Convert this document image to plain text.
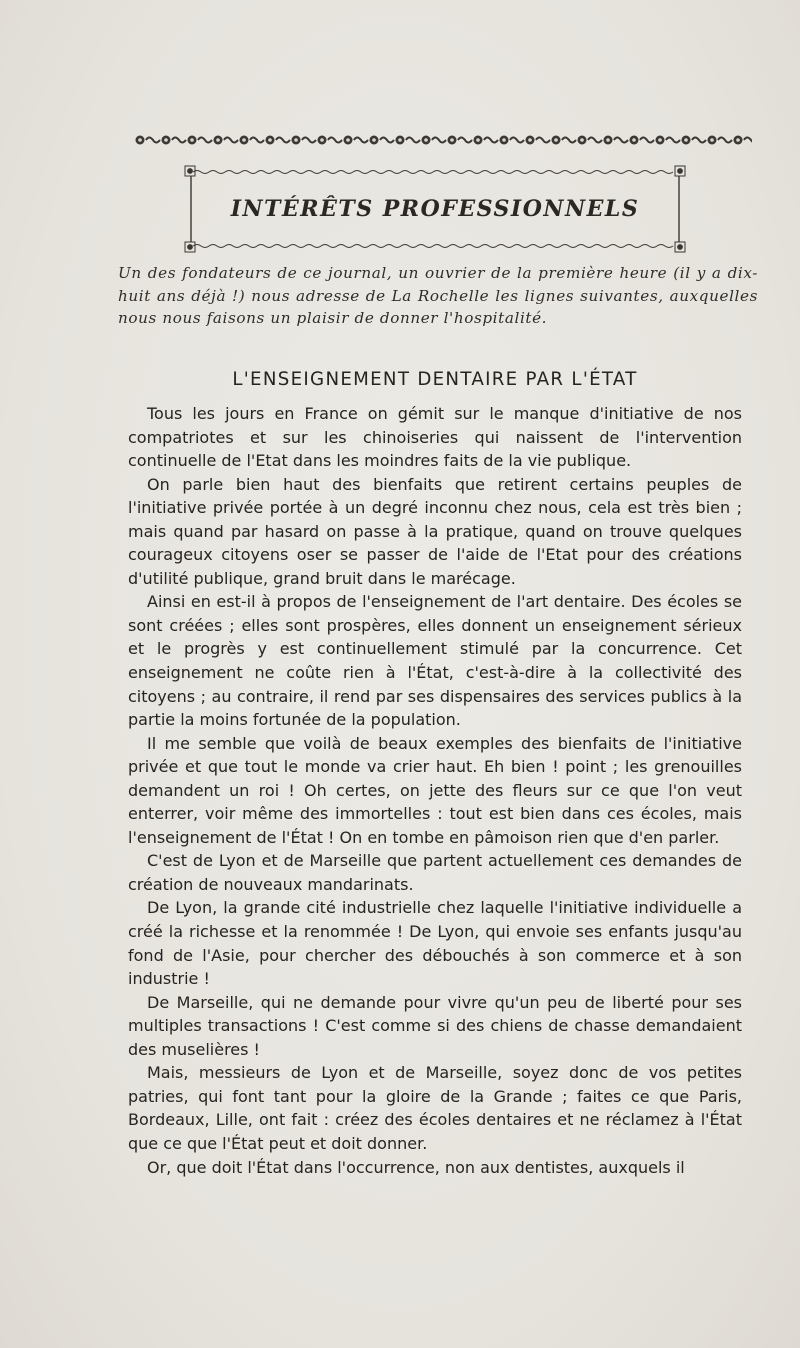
INTÉRÊTS PROFESSIONNELS
Un des fondateurs de ce journal, un ouvrier de la première heure (il y a dix-huit ans déjà !) nous adresse de La Rochelle les lignes suivantes, auxquelles nous nous faisons un plaisir de donner l'hospitalité.
L'ENSEIGNEMENT DENTAIRE PAR L'ÉTAT

Tous les jours en France on gémit sur le manque d'initiative de nos compatriotes et sur les chinoiseries qui naissent de l'intervention continuelle de l'Etat dans les moindres faits de la vie publique.

On parle bien haut des bienfaits que retirent certains peuples de l'initiative privée portée à un degré inconnu chez nous, cela est très bien ; mais quand par hasard on passe à la pratique, quand on trouve quelques courageux citoyens oser se passer de l'aide de l'Etat pour des créations d'utilité publique, grand bruit dans le marécage.

Ainsi en est-il à propos de l'enseignement de l'art dentaire. Des écoles se sont créées ; elles sont prospères, elles donnent un enseignement sérieux et le progrès y est continuellement stimulé par la concurrence. Cet enseignement ne coûte rien à l'État, c'est-à-dire à la collectivité des citoyens ; au contraire, il rend par ses dispensaires des services publics à la partie la moins fortunée de la population.

Il me semble que voilà de beaux exemples des bienfaits de l'initiative privée et que tout le monde va crier haut. Eh bien ! point ; les grenouilles demandent un roi ! Oh certes, on jette des fleurs sur ce que l'on veut enterrer, voir même des immortelles : tout est bien dans ces écoles, mais l'enseignement de l'État ! On en tombe en pâmoison rien que d'en parler.

C'est de Lyon et de Marseille que partent actuellement ces demandes de création de nouveaux mandarinats.

De Lyon, la grande cité industrielle chez laquelle l'initiative individuelle a créé la richesse et la renommée ! De Lyon, qui envoie ses enfants jusqu'au fond de l'Asie, pour chercher des débouchés à son commerce et à son industrie !

De Marseille, qui ne demande pour vivre qu'un peu de liberté pour ses multiples transactions ! C'est comme si des chiens de chasse demandaient des muselières !

Mais, messieurs de Lyon et de Marseille, soyez donc de vos petites patries, qui font tant pour la gloire de la Grande ; faites ce que Paris, Bordeaux, Lille, ont fait : créez des écoles dentaires et ne réclamez à l'État que ce que l'État peut et doit donner.

Or, que doit l'État dans l'occurrence, non aux dentistes, auxquels il
